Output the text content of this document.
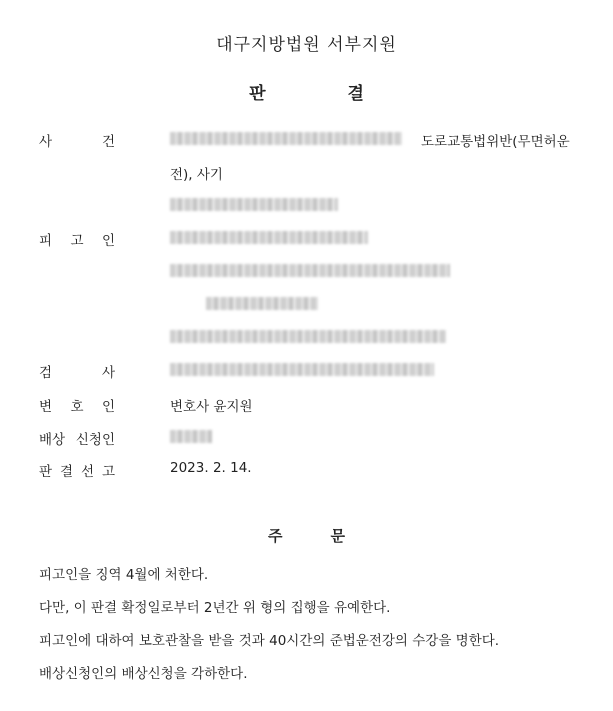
대구지방법원 서부지원
판	결
사	건	도로교통법위반(무면허운
전), 사기
피 고 인
검	사
변 호 인	변호사 윤지원
배상 신청인
판 결 선 고	2023. 2. 14.
주	문
피고인을 징역 4월에 처한다.
다만, 이 판결 확정일로부터 2년간 위 형의 집행을 유예한다.
피고인에 대하여 보호관찰을 받을 것과 40시간의 준법운전강의 수강을 명한다.
배상신청인의 배상신청을 각하한다.
